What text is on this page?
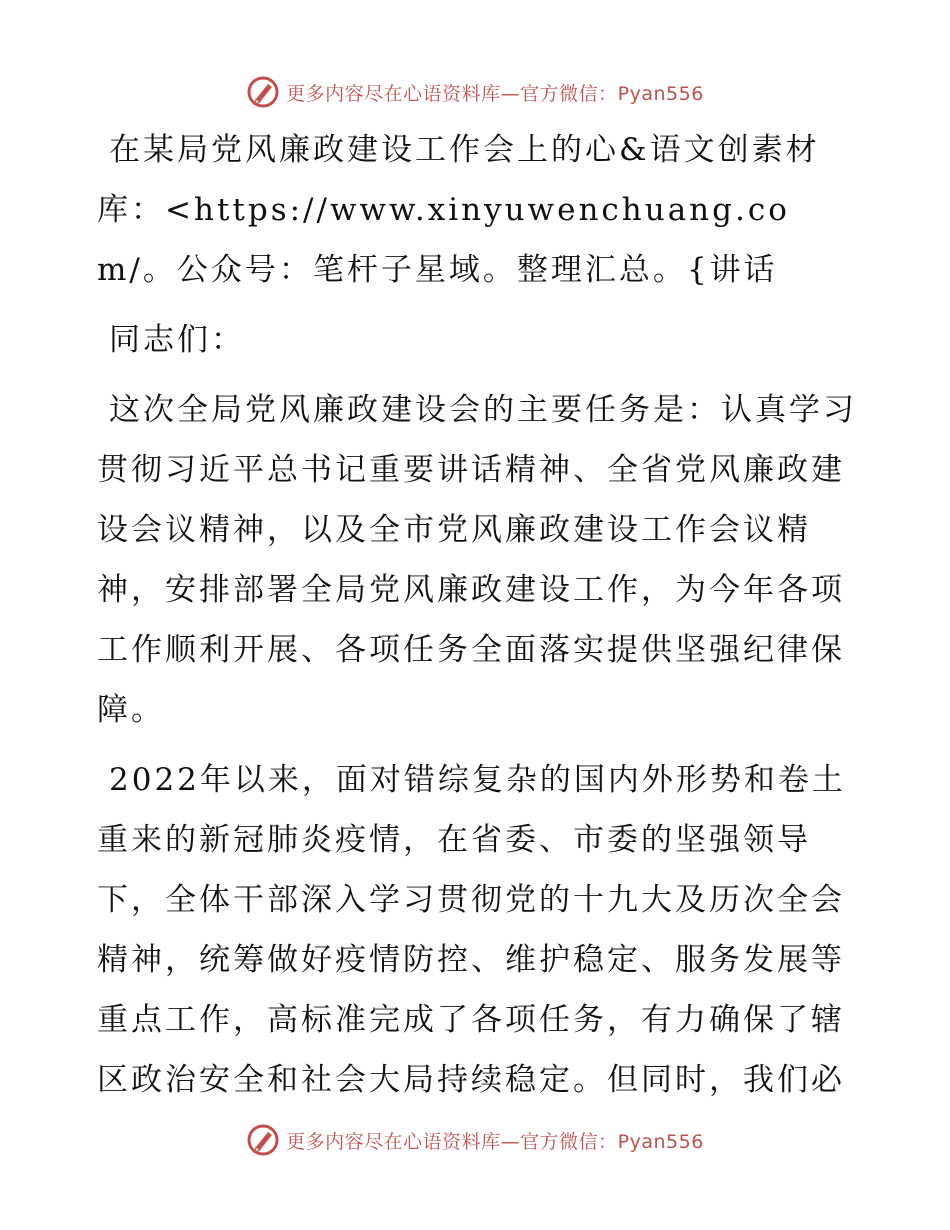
更多内容尽在心语资料库—官方微信：Pyan556

在某局党风廉政建设工作会上的心&语文创素材库：<https://www.xinyuwenchuang.com/。公众号：笔杆子星域。整理汇总。{讲话

同志们：

这次全局党风廉政建设会的主要任务是：认真学习贯彻习近平总书记重要讲话精神、全省党风廉政建设会议精神，以及全市党风廉政建设工作会议精神，安排部署全局党风廉政建设工作，为今年各项工作顺利开展、各项任务全面落实提供坚强纪律保障。

2022年以来，面对错综复杂的国内外形势和卷土重来的新冠肺炎疫情，在省委、市委的坚强领导下，全体干部深入学习贯彻党的十九大及历次全会精神，统筹做好疫情防控、维护稳定、服务发展等重点工作，高标准完成了各项任务，有力确保了辖区政治安全和社会大局持续稳定。但同时，我们必

更多内容尽在心语资料库—官方微信：Pyan556
